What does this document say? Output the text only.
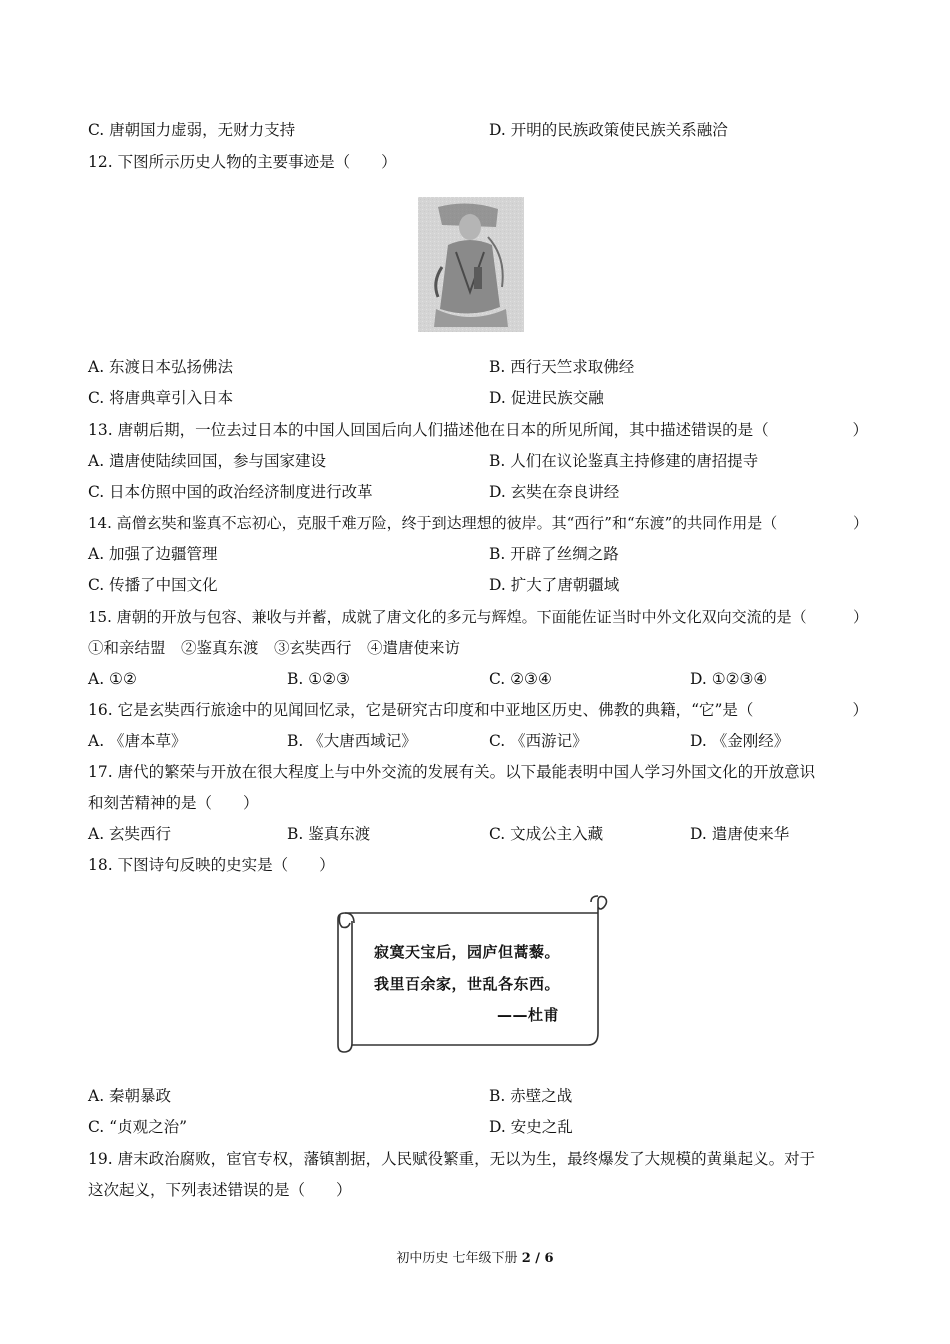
C. 唐朝国力虚弱，无财力支持	D. 开明的民族政策使民族关系融洽
12. 下图所示历史人物的主要事迹是（　　）
A. 东渡日本弘扬佛法	B. 西行天竺求取佛经
C. 将唐典章引入日本	D. 促进民族交融
13. 唐朝后期，一位去过日本的中国人回国后向人们描述他在日本的所见所闻，其中描述错误的是（	）
A. 遣唐使陆续回国，参与国家建设	B. 人们在议论鉴真主持修建的唐招提寺
C. 日本仿照中国的政治经济制度进行改革	D. 玄奘在奈良讲经
14. 高僧玄奘和鉴真不忘初心，克服千难万险，终于到达理想的彼岸。其“西行”和“东渡”的共同作用是（	）
A. 加强了边疆管理	B. 开辟了丝绸之路
C. 传播了中国文化	D. 扩大了唐朝疆域
15. 唐朝的开放与包容、兼收与并蓄，成就了唐文化的多元与辉煌。下面能佐证当时中外文化双向交流的是（	）
①和亲结盟　②鉴真东渡　③玄奘西行　④遣唐使来访
A. ①②	B. ①②③	C. ②③④	D. ①②③④
16. 它是玄奘西行旅途中的见闻回忆录，它是研究古印度和中亚地区历史、佛教的典籍，“它”是（	）
A. 《唐本草》	B. 《大唐西域记》	C. 《西游记》	D. 《金刚经》
17. 唐代的繁荣与开放在很大程度上与中外交流的发展有关。以下最能表明中国人学习外国文化的开放意识
和刻苦精神的是（　　）
A. 玄奘西行	B. 鉴真东渡	C. 文成公主入藏	D. 遣唐使来华
18. 下图诗句反映的史实是（　　）
寂寞天宝后，园庐但蒿藜。
我里百余家，世乱各东西。
——杜甫
A. 秦朝暴政	B. 赤壁之战
C. “贞观之治”	D. 安史之乱
19. 唐末政治腐败，宦官专权，藩镇割据，人民赋役繁重，无以为生，最终爆发了大规模的黄巢起义。对于
这次起义，下列表述错误的是（　　）
初中历史 七年级下册 2 / 6
